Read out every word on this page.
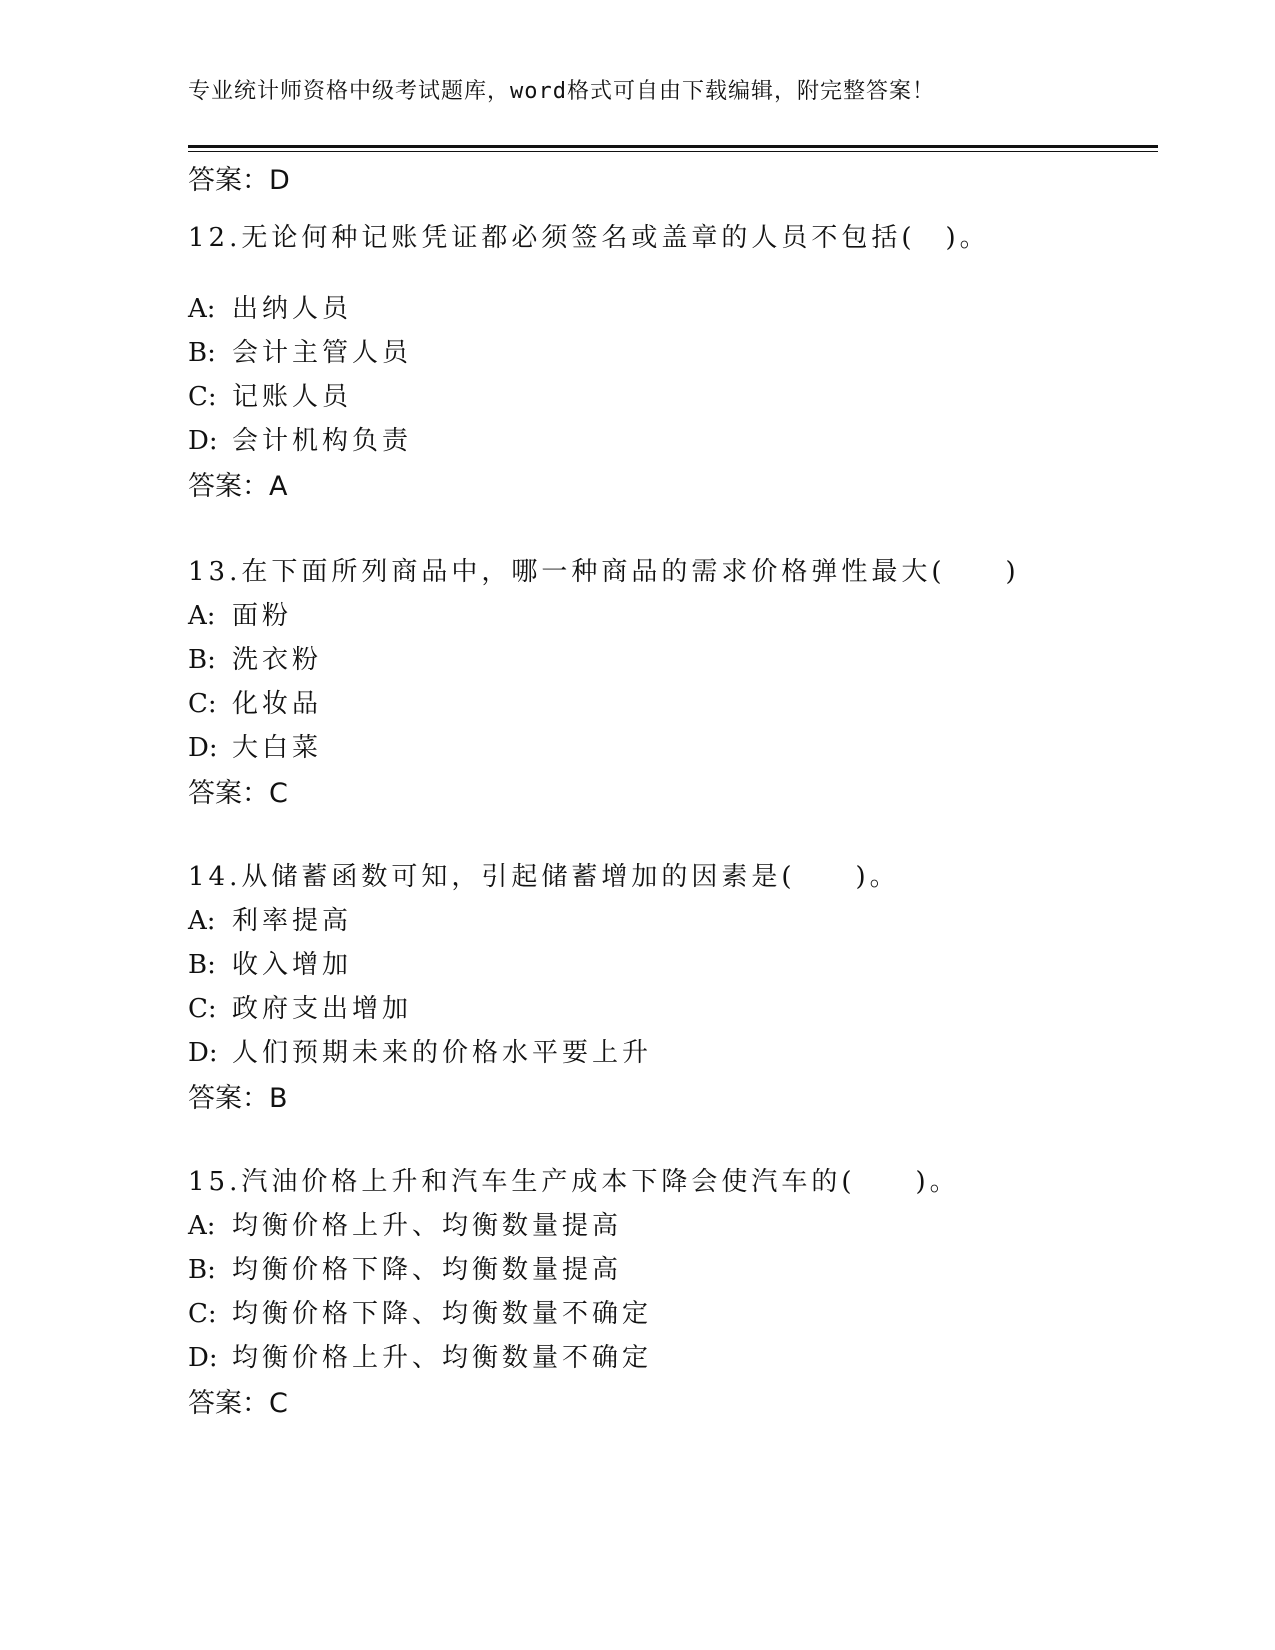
专业统计师资格中级考试题库，word格式可自由下载编辑，附完整答案！
答案：D
12.无论何种记账凭证都必须签名或盖章的人员不包括(　)。
A: 出纳人员
B: 会计主管人员
C: 记账人员
D: 会计机构负责
答案：A
13.在下面所列商品中，哪一种商品的需求价格弹性最大(　　)
A: 面粉
B: 洗衣粉
C: 化妆品
D: 大白菜
答案：C
14.从储蓄函数可知，引起储蓄增加的因素是(　　)。
A: 利率提高
B: 收入增加
C: 政府支出增加
D: 人们预期未来的价格水平要上升
答案：B
15.汽油价格上升和汽车生产成本下降会使汽车的(　　)。
A: 均衡价格上升、均衡数量提高
B: 均衡价格下降、均衡数量提高
C: 均衡价格下降、均衡数量不确定
D: 均衡价格上升、均衡数量不确定
答案：C
